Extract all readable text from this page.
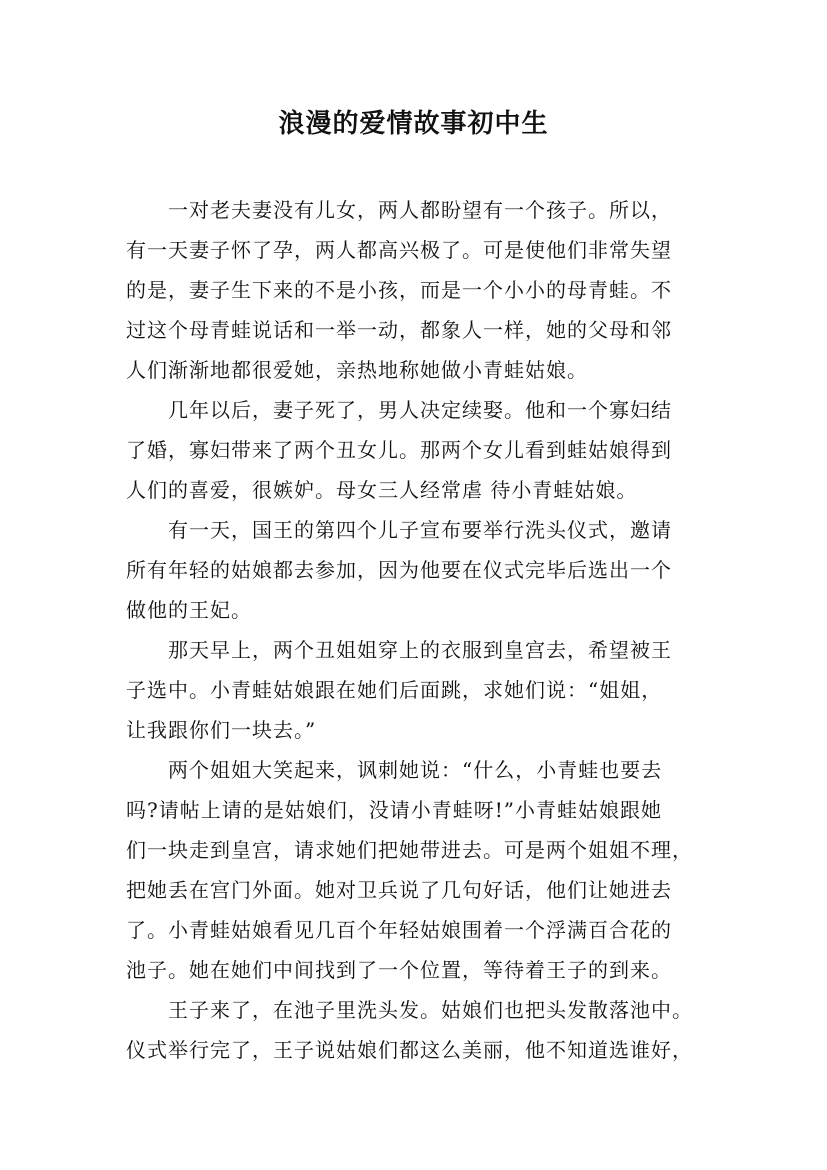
浪漫的爱情故事初中生
一对老夫妻没有儿女，两人都盼望有一个孩子。所以，
有一天妻子怀了孕，两人都高兴极了。可是使他们非常失望
的是，妻子生下来的不是小孩，而是一个小小的母青蛙。不
过这个母青蛙说话和一举一动，都象人一样，她的父母和邻
人们渐渐地都很爱她，亲热地称她做小青蛙姑娘。
几年以后，妻子死了，男人决定续娶。他和一个寡妇结
了婚，寡妇带来了两个丑女儿。那两个女儿看到蛙姑娘得到
人们的喜爱，很嫉妒。母女三人经常虐 待小青蛙姑娘。
有一天，国王的第四个儿子宣布要举行洗头仪式，邀请
所有年轻的姑娘都去参加，因为他要在仪式完毕后选出一个
做他的王妃。
那天早上，两个丑姐姐穿上的衣服到皇宫去，希望被王
子选中。小青蛙姑娘跟在她们后面跳，求她们说：“姐姐，
让我跟你们一块去。”
两个姐姐大笑起来，讽刺她说：“什么，小青蛙也要去
吗?请帖上请的是姑娘们，没请小青蛙呀!”小青蛙姑娘跟她
们一块走到皇宫，请求她们把她带进去。可是两个姐姐不理，
把她丢在宫门外面。她对卫兵说了几句好话，他们让她进去
了。小青蛙姑娘看见几百个年轻姑娘围着一个浮满百合花的
池子。她在她们中间找到了一个位置，等待着王子的到来。
王子来了，在池子里洗头发。姑娘们也把头发散落池中。
仪式举行完了，王子说姑娘们都这么美丽，他不知道选谁好，
